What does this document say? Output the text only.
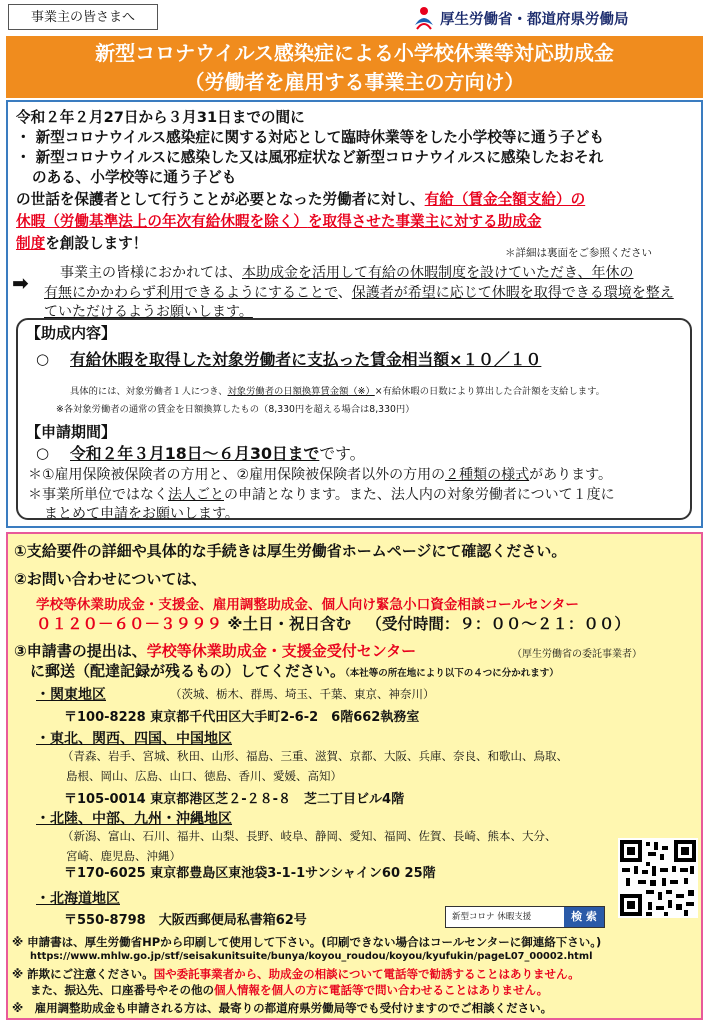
事業主の皆さまへ	厚生労働省・都道府県労働局
新型コロナウイルス感染症による小学校休業等対応助成金
（労働者を雇用する事業主の方向け）
令和２年２月27日から３月31日までの間に
・ 新型コロナウイルス感染症に関する対応として臨時休業等をした小学校等に通う子ども
・ 新型コロナウイルスに感染した又は風邪症状など新型コロナウイルスに感染したおそれ
のある、小学校等に通う子ども
の世話を保護者として行うことが必要となった労働者に対し、有給（賃金全額支給）の
休暇（労働基準法上の年次有給休暇を除く）を取得させた事業主に対する助成金
制度を創設します！
＊詳細は裏面をご参照ください
➡ 事業主の皆様におかれては、本助成金を活用して有給の休暇制度を設けていただき、年休の
有無にかかわらず利用できるようにすることで、保護者が希望に応じて休暇を取得できる環境を整え
ていただけるようお願いします。
【助成内容】
○ 有給休暇を取得した対象労働者に支払った賃金相当額×１０／１０
具体的には、対象労働者１人につき、対象労働者の日額換算賃金額（※）×有給休暇の日数により算出した合計額を支給します。
※各対象労働者の通常の賃金を日額換算したもの（8,330円を超える場合は8,330円）
【申請期間】
○ 令和２年３月18日～６月30日までです。
＊①雇用保険被保険者の方用と、②雇用保険被保険者以外の方用の２種類の様式があります。
＊事業所単位ではなく法人ごとの申請となります。また、法人内の対象労働者について１度に
まとめて申請をお願いします。
①支給要件の詳細や具体的な手続きは厚生労働省ホームページにて確認ください。
②お問い合わせについては、
学校等休業助成金・支援金、雇用調整助成金、個人向け緊急小口資金相談コールセンター
０１２０－６０－３９９９ ※土日・祝日含む （受付時間：９：００～２１：００）
③申請書の提出は、学校等休業助成金・支援金受付センター	（厚生労働省の委託事業者）
に郵送（配達記録が残るもの）してください。（本社等の所在地により以下の４つに分かれます）
・関東地区	（茨城、栃木、群馬、埼玉、千葉、東京、神奈川）
〒100-8228 東京都千代田区大手町2-6-2　6階662執務室
・東北、関西、四国、中国地区
（青森、岩手、宮城、秋田、山形、福島、三重、滋賀、京都、大阪、兵庫、奈良、和歌山、鳥取、
島根、岡山、広島、山口、徳島、香川、愛媛、高知）
〒105-0014 東京都港区芝２-２８-８　芝二丁目ビル4階
・北陸、中部、九州・沖縄地区
（新潟、富山、石川、福井、山梨、長野、岐阜、静岡、愛知、福岡、佐賀、長崎、熊本、大分、
宮崎、鹿児島、沖縄）
〒170-6025 東京都豊島区東池袋3-1-1サンシャイン60 25階
・北海道地区
〒550-8798　大阪西郵便局私書箱62号	新型コロナ 休暇支援	検 索
※ 申請書は、厚生労働省HPから印刷して使用して下さい。(印刷できない場合はコールセンターに御連絡下さい。)
https://www.mhlw.go.jp/stf/seisakunitsuite/bunya/koyou_roudou/koyou/kyufukin/pageL07_00002.html
※ 詐欺にご注意ください。国や委託事業者から、助成金の相談について電話等で勧誘することはありません。
また、振込先、口座番号やその他の個人情報を個人の方に電話等で問い合わせることはありません。
※　雇用調整助成金も申請される方は、最寄りの都道府県労働局等でも受付けますのでご相談ください。
